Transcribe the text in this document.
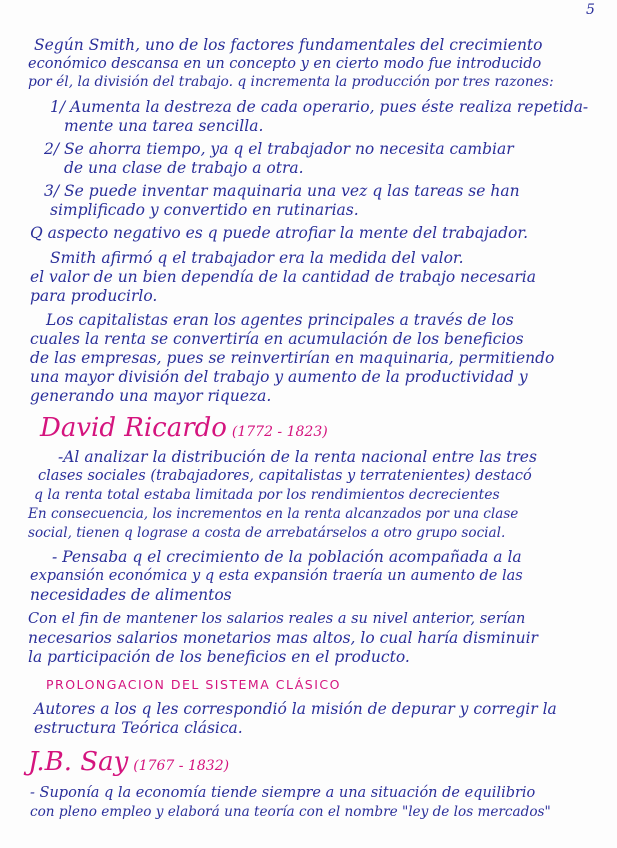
5
Según Smith, uno de los factores fundamentales del crecimiento
económico descansa en un concepto y en cierto modo fue introducido
por él, la división del trabajo. q incrementa la producción por tres razones:
1/ Aumenta la destreza de cada operario, pues éste realiza repetida-
mente una tarea sencilla.
2/ Se ahorra tiempo, ya q el trabajador no necesita cambiar
de una clase de trabajo a otra.
3/ Se puede inventar maquinaria una vez q las tareas se han
simplificado y convertido en rutinarias.
Q aspecto negativo es q puede atrofiar la mente del trabajador.
Smith afirmó q el trabajador era la medida del valor.
el valor de un bien dependía de la cantidad de trabajo necesaria
para producirlo.
Los capitalistas eran los agentes principales a través de los
cuales la renta se convertiría en acumulación de los beneficios
de las empresas, pues se reinvertirían en maquinaria, permitiendo
una mayor división del trabajo y aumento de la productividad y
generando una mayor riqueza.
David Ricardo (1772 - 1823)
-Al analizar la distribución de la renta nacional entre las tres
clases sociales (trabajadores, capitalistas y terratenientes) destacó
q la renta total estaba limitada por los rendimientos decrecientes
En consecuencia, los incrementos en la renta alcanzados por una clase
social, tienen q lograse a costa de arrebatárselos a otro grupo social.
- Pensaba q el crecimiento de la población acompañada a la
expansión económica y q esta expansión traería un aumento de las
necesidades de alimentos
Con el fin de mantener los salarios reales a su nivel anterior, serían
necesarios salarios monetarios mas altos, lo cual haría disminuir
la participación de los beneficios en el producto.
PROLONGACION DEL SISTEMA CLÁSICO
Autores a los q les correspondió la misión de depurar y corregir la
estructura Teórica clásica.
J.B. Say (1767 - 1832)
- Suponía q la economía tiende siempre a una situación de equilibrio
con pleno empleo y elaborá una teoría con el nombre "ley de los mercados"
